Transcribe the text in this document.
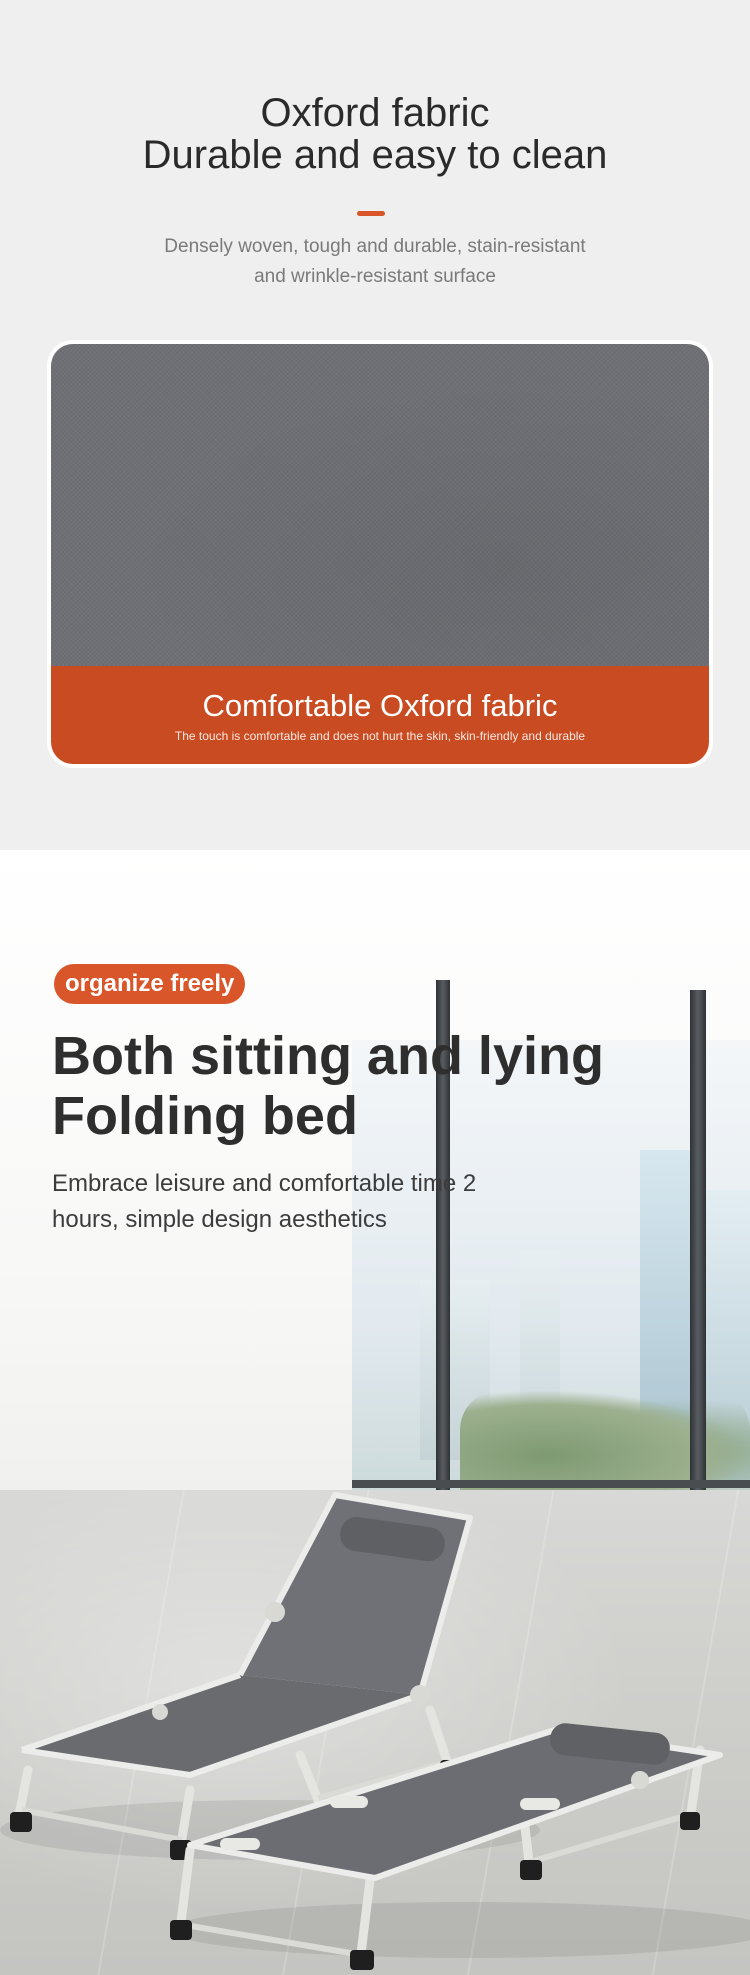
Oxford fabric
Durable and easy to clean

Densely woven, tough and durable, stain-resistant
and wrinkle-resistant surface

Comfortable Oxford fabric
The touch is comfortable and does not hurt the skin, skin-friendly and durable
organize freely
Both sitting and lying
Folding bed

Embrace leisure and comfortable time 2
hours, simple design aesthetics
